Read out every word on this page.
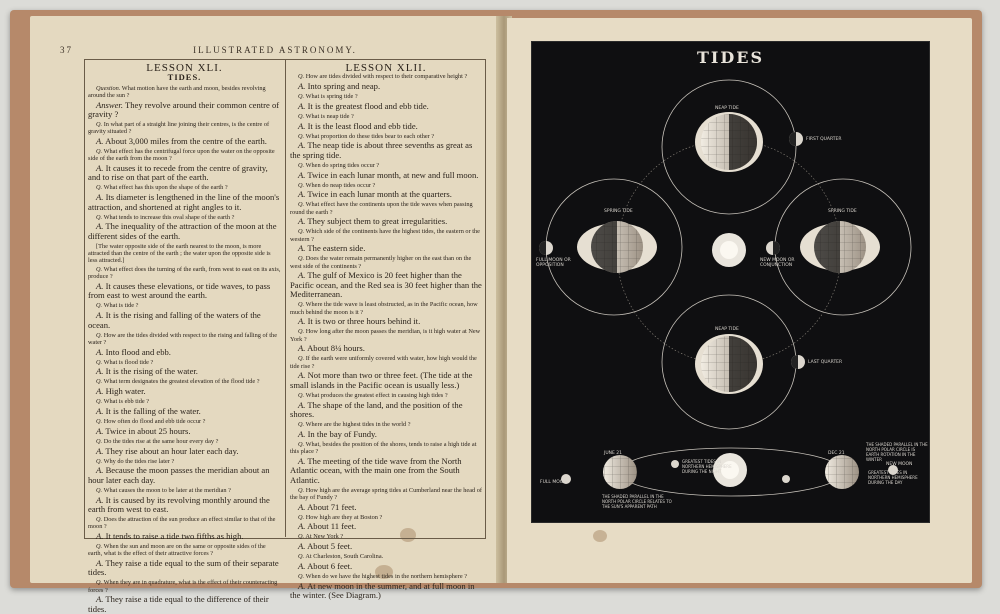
37	ILLUSTRATED ASTRONOMY.
LESSON XLI.
TIDES.
Question. What motion have the earth and moon, besides revolving around the sun ?
Answer. They revolve around their common centre of gravity ?
Q. In what part of a straight line joining their centres, is the centre of gravity situated ?
A. About 3,000 miles from the centre of the earth.
Q. What effect has the centrifugal force upon the water on the opposite side of the earth from the moon ?
A. It causes it to recede from the centre of gravity, and to rise on that part of the earth.
Q. What effect has this upon the shape of the earth ?
A. Its diameter is lengthened in the line of the moon's attraction, and shortened at right angles to it.
Q. What tends to increase this oval shape of the earth ?
A. The inequality of the attraction of the moon at the different sides of the earth.
[The water opposite side of the earth nearest to the moon, is more attracted than the centre of the earth ; the water upon the opposite side is less attracted.]
Q. What effect does the turning of the earth, from west to east on its axis, produce ?
A. It causes these elevations, or tide waves, to pass from east to west around the earth.
Q. What is tide ?
A. It is the rising and falling of the waters of the ocean.
Q. How are the tides divided with respect to the rising and falling of the water ?
A. Into flood and ebb.
Q. What is flood tide ?
A. It is the rising of the water.
Q. What term designates the greatest elevation of the flood tide ?
A. High water.
Q. What is ebb tide ?
A. It is the falling of the water.
Q. How often do flood and ebb tide occur ?
A. Twice in about 25 hours.
Q. Do the tides rise at the same hour every day ?
A. They rise about an hour later each day.
Q. Why do the tides rise later ?
A. Because the moon passes the meridian about an hour later each day.
Q. What causes the moon to be later at the meridian ?
A. It is caused by its revolving monthly around the earth from west to east.
Q. Does the attraction of the sun produce an effect similar to that of the moon ?
A. It tends to raise a tide two fifths as high.
Q. When the sun and moon are on the same or opposite sides of the earth, what is the effect of their attractive forces ?
A. They raise a tide equal to the sum of their separate tides.
Q. When they are in quadrature, what is the effect of their counteracting forces ?
A. They raise a tide equal to the difference of their tides.
LESSON XLII.
Q. How are tides divided with respect to their comparative height ?
A. Into spring and neap.
Q. What is spring tide ?
A. It is the greatest flood and ebb tide.
Q. What is neap tide ?
A. It is the least flood and ebb tide.
Q. What proportion do these tides bear to each other ?
A. The neap tide is about three sevenths as great as the spring tide.
Q. When do spring tides occur ?
A. Twice in each lunar month, at new and full moon.
Q. When do neap tides occur ?
A. Twice in each lunar month at the quarters.
Q. What effect have the continents upon the tide waves when passing round the earth ?
A. They subject them to great irregularities.
Q. Which side of the continents have the highest tides, the eastern or the western ?
A. The eastern side.
Q. Does the water remain permanently higher on the east than on the west side of the continents ?
A. The gulf of Mexico is 20 feet higher than the Pacific ocean, and the Red sea is 30 feet higher than the Mediterranean.
Q. Where the tide wave is least obstructed, as in the Pacific ocean, how much behind the moon is it ?
A. It is two or three hours behind it.
Q. How long after the moon passes the meridian, is it high water at New York ?
A. About 8¼ hours.
Q. If the earth were uniformly covered with water, how high would the tide rise ?
A. Not more than two or three feet. (The tide at the small islands in the Pacific ocean is usually less.)
Q. What produces the greatest effect in causing high tides ?
A. The shape of the land, and the position of the shores.
Q. Where are the highest tides in the world ?
A. In the bay of Fundy.
Q. What, besides the position of the shores, tends to raise a high tide at this place ?
A. The meeting of the tide wave from the North Atlantic ocean, with the main one from the South Atlantic.
Q. How high are the average spring tides at Cumberland near the head of the bay of Fundy ?
A. About 71 feet.
Q. How high are they at Boston ?
A. About 11 feet.
Q. At New York ?
A. About 5 feet.
Q. At Charleston, South Carolina.
A. About 6 feet.
Q. When do we have the highest tides in the northern hemisphere ?
A. At new moon in the summer, and at full moon in the winter. (See Diagram.)
TIDES
NEAP TIDE
FIRST QUARTER
SPRING TIDE	SPRING TIDE
FULL MOON OR OPPOSITION
NEW MOON OR CONJUNCTION
NEAP TIDE
LAST QUARTER
JUNE 21	DEC 21
GREATEST TIDES IN NORTHERN HEMISPHERE DURING THE NIGHT	GREATEST TIDES IN NORTHERN HEMISPHERE DURING THE DAY
FULL MOON
NEW MOON
THE SHADED PARALLEL IN THE NORTH POLAR CIRCLE RELATES TO THE SUN'S APPARENT PATH
THE SHADED PARALLEL IN THE NORTH POLAR CIRCLE IS EARTH ROTATION IN THE WINTER
